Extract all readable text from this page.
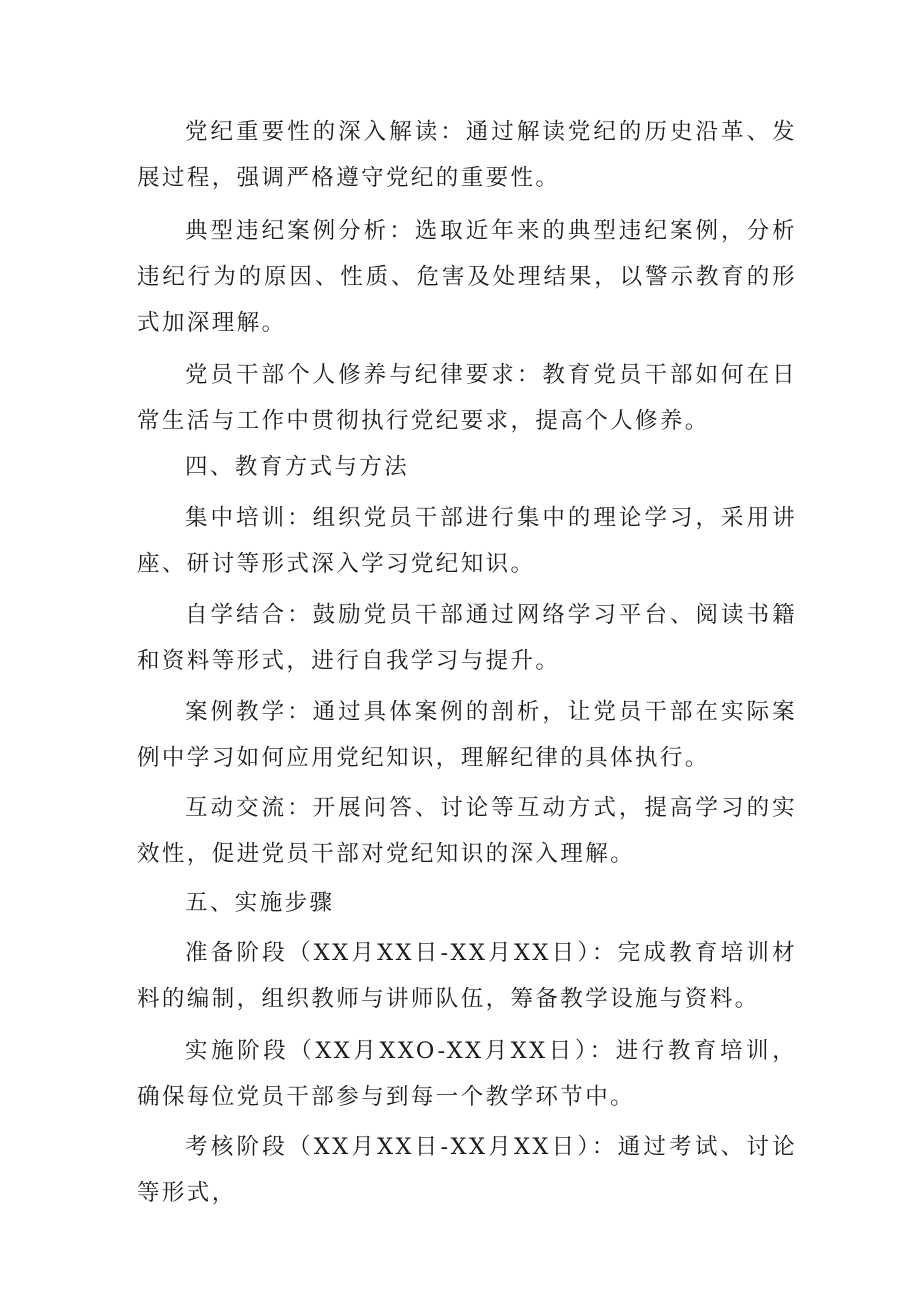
党纪重要性的深入解读：通过解读党纪的历史沿革、发展过程，强调严格遵守党纪的重要性。

典型违纪案例分析：选取近年来的典型违纪案例，分析违纪行为的原因、性质、危害及处理结果，以警示教育的形式加深理解。

党员干部个人修养与纪律要求：教育党员干部如何在日常生活与工作中贯彻执行党纪要求，提高个人修养。

四、教育方式与方法

集中培训：组织党员干部进行集中的理论学习，采用讲座、研讨等形式深入学习党纪知识。

自学结合：鼓励党员干部通过网络学习平台、阅读书籍和资料等形式，进行自我学习与提升。

案例教学：通过具体案例的剖析，让党员干部在实际案例中学习如何应用党纪知识，理解纪律的具体执行。

互动交流：开展问答、讨论等互动方式，提高学习的实效性，促进党员干部对党纪知识的深入理解。

五、实施步骤

准备阶段（XX月XX日-XX月XX日）：完成教育培训材料的编制，组织教师与讲师队伍，筹备教学设施与资料。

实施阶段（XX月XXO-XX月XX日）：进行教育培训，确保每位党员干部参与到每一个教学环节中。

考核阶段（XX月XX日-XX月XX日）：通过考试、讨论等形式，
